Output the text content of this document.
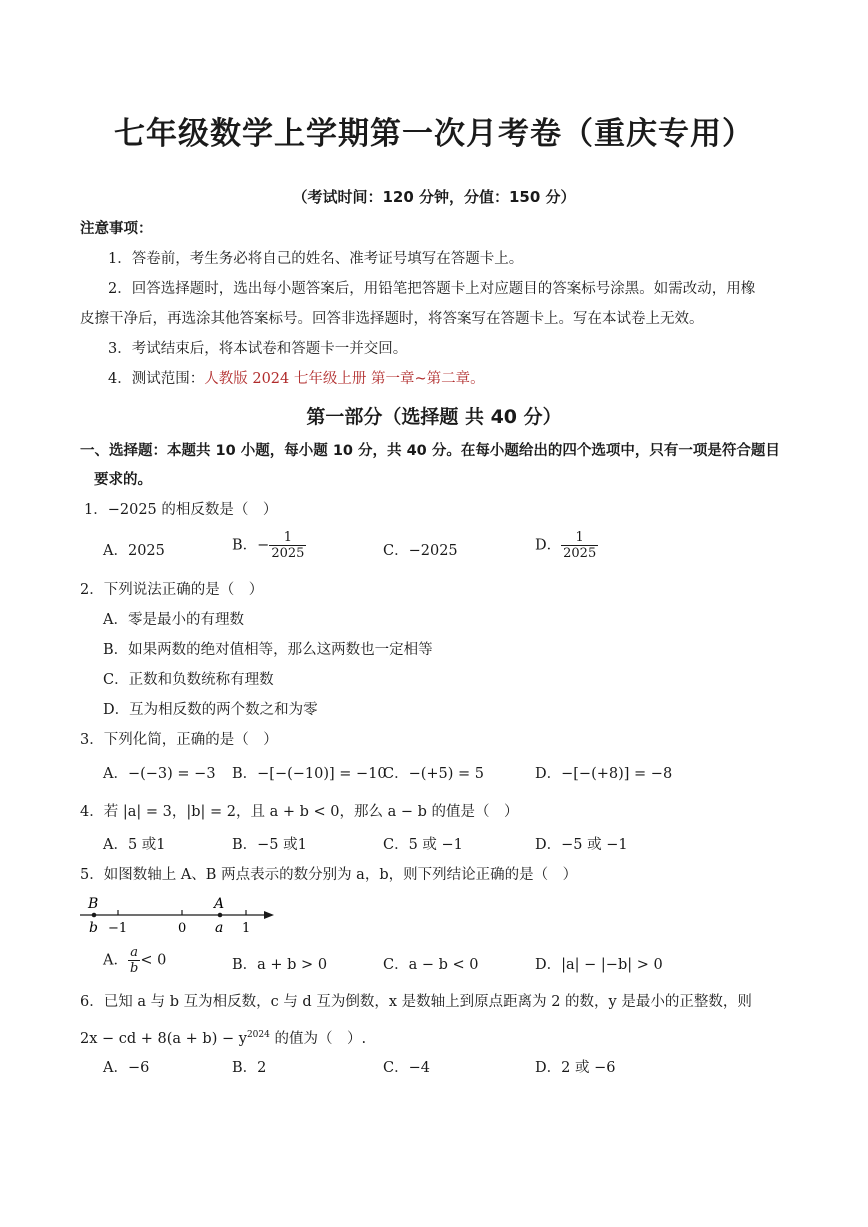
七年级数学上学期第一次月考卷（重庆专用）
（考试时间：120 分钟，分值：150 分）
注意事项：
1．答卷前，考生务必将自己的姓名、准考证号填写在答题卡上。
2．回答选择题时，选出每小题答案后，用铅笔把答题卡上对应题目的答案标号涂黑。如需改动，用橡
皮擦干净后，再选涂其他答案标号。回答非选择题时，将答案写在答题卡上。写在本试卷上无效。
3．考试结束后，将本试卷和答题卡一并交回。
4．测试范围：人教版 2024 七年级上册 第一章~第二章。
第一部分（选择题 共 40 分）
一、选择题：本题共 10 小题，每小题 10 分，共 40 分。在每小题给出的四个选项中，只有一项是符合题目
要求的。
1．−2025 的相反数是（　）
A．2025	B．− $\frac{1}{2025}$	C．−2025	D． $\frac{1}{2025}$
2．下列说法正确的是（　）
A．零是最小的有理数
B．如果两数的绝对值相等，那么这两数也一定相等
C．正数和负数统称有理数
D．互为相反数的两个数之和为零
3．下列化简，正确的是（　）
A．−(−3) = −3 B．−[−(−10)] = −10
C．−(+5) = 5	D．−[−(+8)] = −8
4．若 |a| = 3，|b| = 2，且 a + b < 0，那么 a − b 的值是（　）
A．5 或1	B．−5 或1	C．5 或 −1	D．−5 或 −1
5．如图数轴上 A、B 两点表示的数分别为 a，b，则下列结论正确的是（　）
B
b −1	0
A
a 1
A． $\frac{a}{b} < 0$	B．a + b > 0	C．a − b < 0	D．|a| − |−b| > 0
6．已知 a 与 b 互为相反数，c 与 d 互为倒数，x 是数轴上到原点距离为 2 的数，y 是最小的正整数，则
2x − cd + $8(a + b) - y^{2024}$ 的值为（　）.
A．−6	B．2	C．−4	D．2 或 −6
